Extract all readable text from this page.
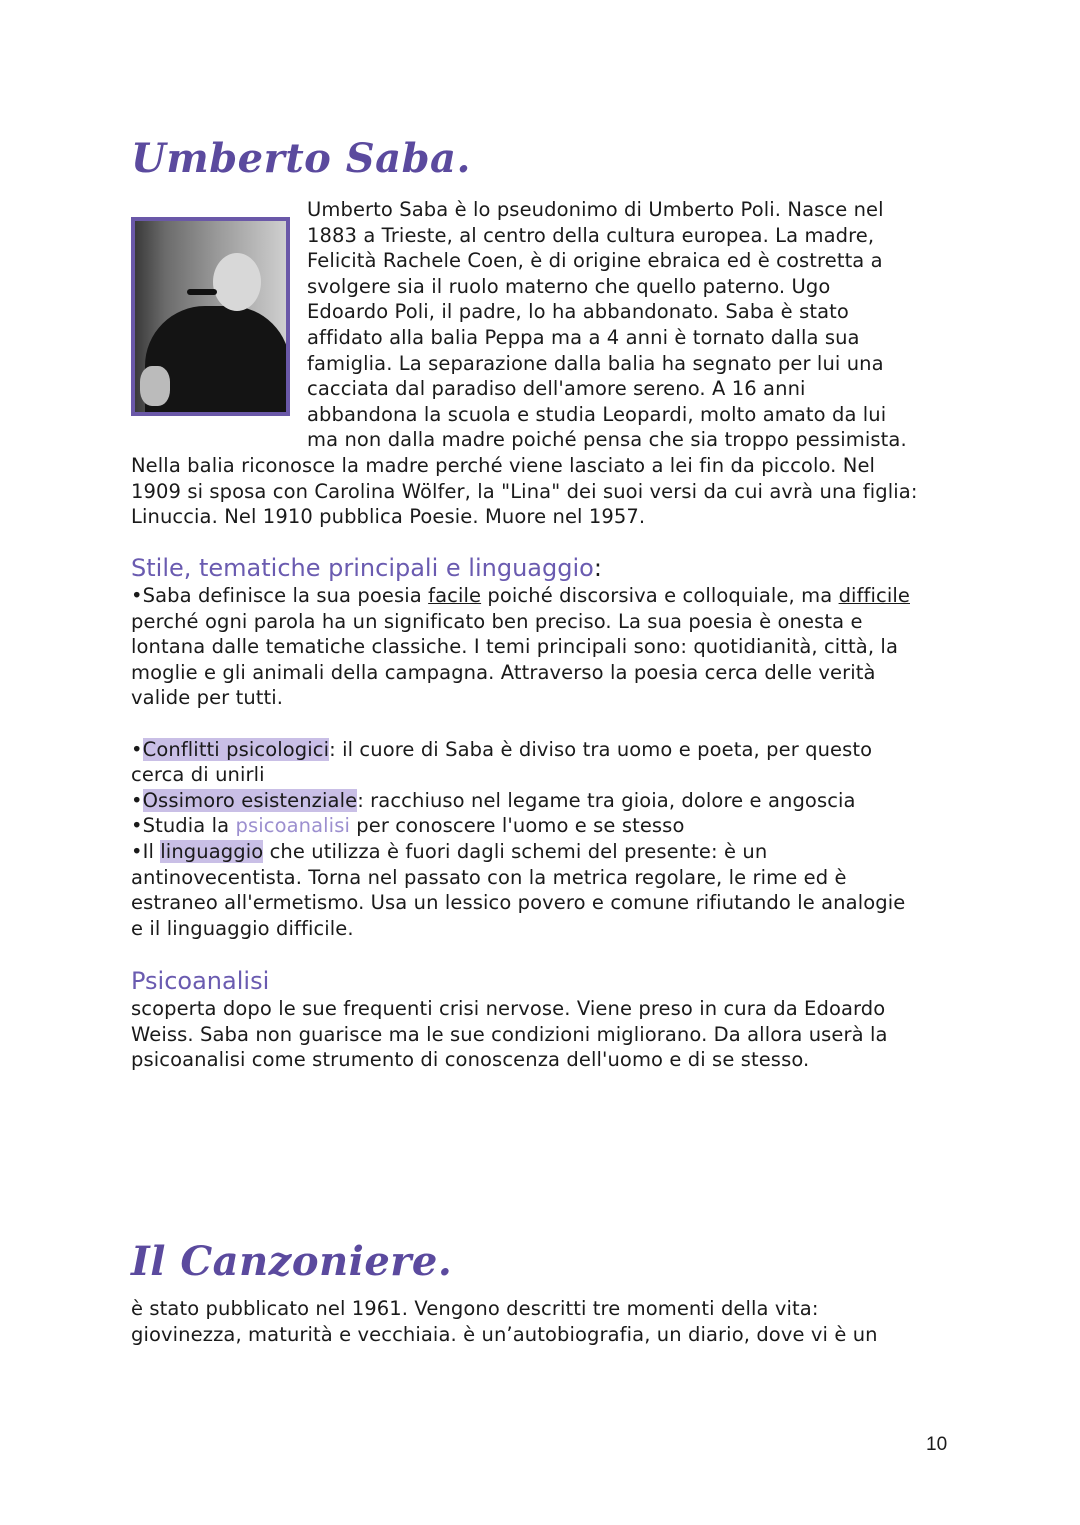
Umberto Saba.
Umberto Saba è lo pseudonimo di Umberto Poli. Nasce nel
1883 a Trieste, al centro della cultura europea. La madre,
Felicità Rachele Coen, è di origine ebraica ed è costretta a
svolgere sia il ruolo materno che quello paterno. Ugo
Edoardo Poli, il padre, lo ha abbandonato. Saba è stato
affidato alla balia Peppa ma a 4 anni è tornato dalla sua
famiglia. La separazione dalla balia ha segnato per lui una
cacciata dal paradiso dell'amore sereno. A 16 anni
abbandona la scuola e studia Leopardi, molto amato da lui
ma non dalla madre poiché pensa che sia troppo pessimista.
Nella balia riconosce la madre perché viene lasciato a lei fin da piccolo. Nel
1909 si sposa con Carolina Wölfer, la "Lina" dei suoi versi da cui avrà una figlia:
Linuccia. Nel 1910 pubblica Poesie. Muore nel 1957.
Stile, tematiche principali e linguaggio:
•Saba definisce la sua poesia facile poiché discorsiva e colloquiale, ma difficile
perché ogni parola ha un significato ben preciso. La sua poesia è onesta e
lontana dalle tematiche classiche. I temi principali sono: quotidianità, città, la
moglie e gli animali della campagna. Attraverso la poesia cerca delle verità
valide per tutti.

•Conflitti psicologici: il cuore di Saba è diviso tra uomo e poeta, per questo
cerca di unirli
•Ossimoro esistenziale: racchiuso nel legame tra gioia, dolore e angoscia
•Studia la psicoanalisi per conoscere l'uomo e se stesso
•Il linguaggio che utilizza è fuori dagli schemi del presente: è un
antinovecentista. Torna nel passato con la metrica regolare, le rime ed è
estraneo all'ermetismo. Usa un lessico povero e comune rifiutando le analogie
e il linguaggio difficile.
Psicoanalisi
scoperta dopo le sue frequenti crisi nervose. Viene preso in cura da Edoardo
Weiss. Saba non guarisce ma le sue condizioni migliorano. Da allora userà la
psicoanalisi come strumento di conoscenza dell'uomo e di se stesso.
Il Canzoniere.
è stato pubblicato nel 1961. Vengono descritti tre momenti della vita:
giovinezza, maturità e vecchiaia. è un’autobiografia, un diario, dove vi è un
10
